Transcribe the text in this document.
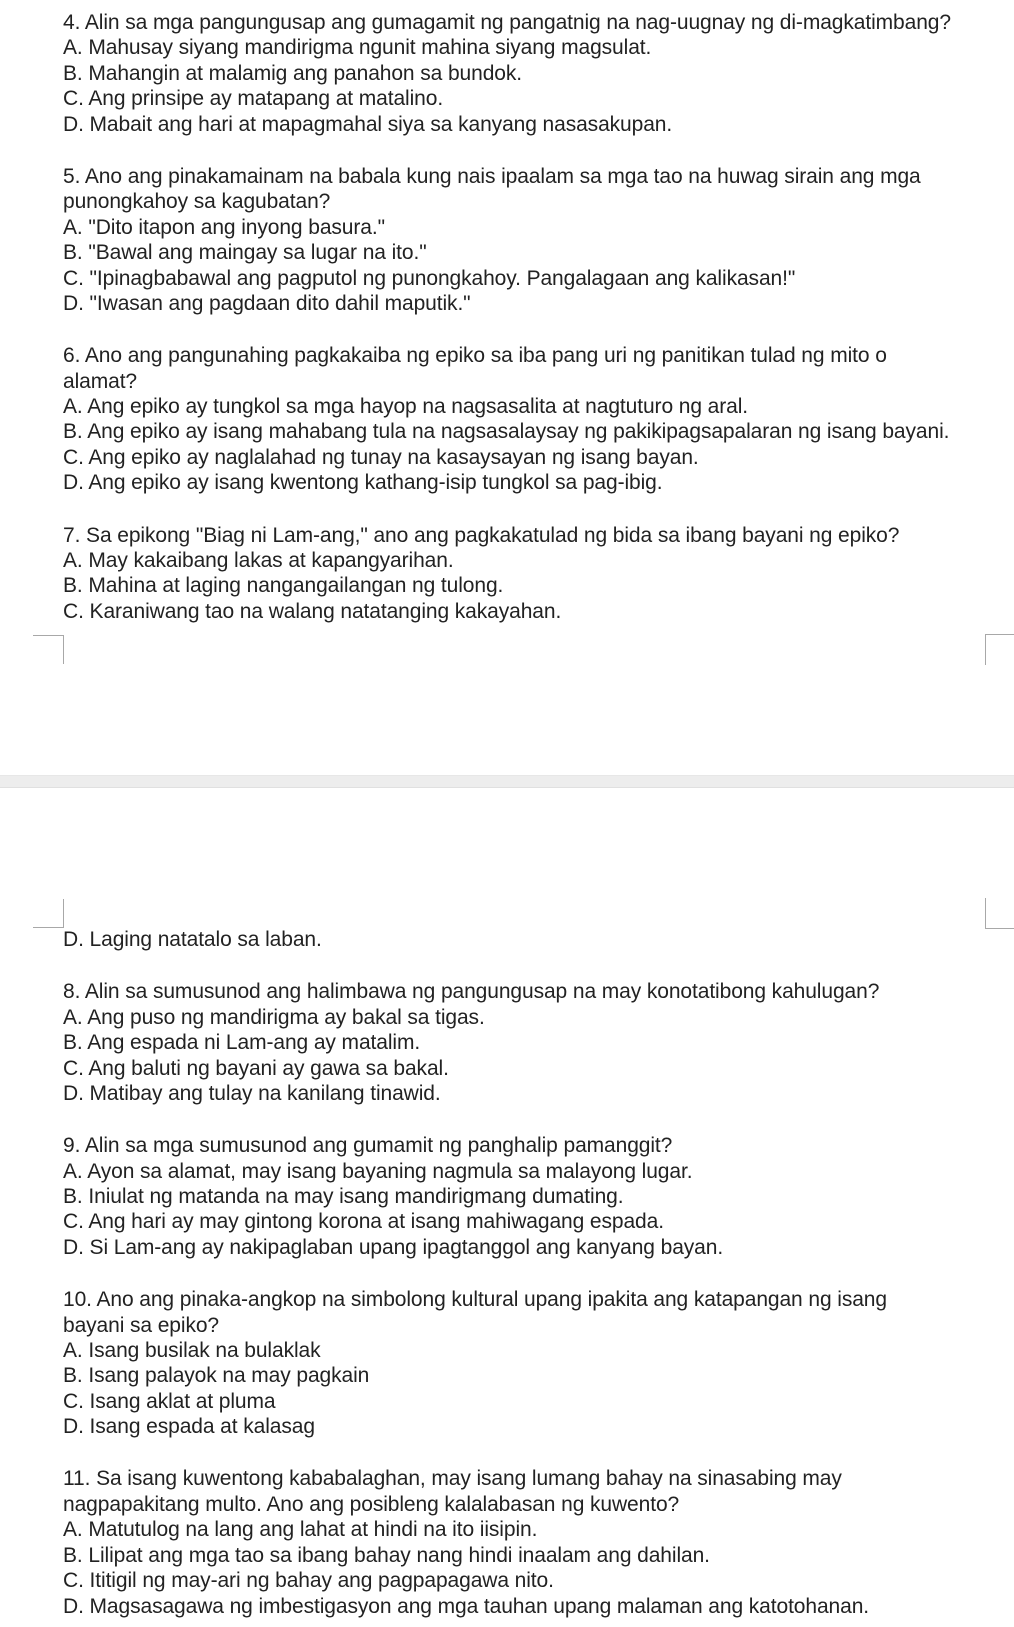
4. Alin sa mga pangungusap ang gumagamit ng pangatnig na nag-uugnay ng di-magkatimbang?
A. Mahusay siyang mandirigma ngunit mahina siyang magsulat.
B. Mahangin at malamig ang panahon sa bundok.
C. Ang prinsipe ay matapang at matalino.
D. Mabait ang hari at mapagmahal siya sa kanyang nasasakupan.
5. Ano ang pinakamainam na babala kung nais ipaalam sa mga tao na huwag sirain ang mga
punongkahoy sa kagubatan?
A. "Dito itapon ang inyong basura."
B. "Bawal ang maingay sa lugar na ito."
C. "Ipinagbabawal ang pagputol ng punongkahoy. Pangalagaan ang kalikasan!"
D. "Iwasan ang pagdaan dito dahil maputik."
6. Ano ang pangunahing pagkakaiba ng epiko sa iba pang uri ng panitikan tulad ng mito o
alamat?
A. Ang epiko ay tungkol sa mga hayop na nagsasalita at nagtuturo ng aral.
B. Ang epiko ay isang mahabang tula na nagsasalaysay ng pakikipagsapalaran ng isang bayani.
C. Ang epiko ay naglalahad ng tunay na kasaysayan ng isang bayan.
D. Ang epiko ay isang kwentong kathang-isip tungkol sa pag-ibig.
7. Sa epikong "Biag ni Lam-ang," ano ang pagkakatulad ng bida sa ibang bayani ng epiko?
A. May kakaibang lakas at kapangyarihan.
B. Mahina at laging nangangailangan ng tulong.
C. Karaniwang tao na walang natatanging kakayahan.
D. Laging natatalo sa laban.
8. Alin sa sumusunod ang halimbawa ng pangungusap na may konotatibong kahulugan?
A. Ang puso ng mandirigma ay bakal sa tigas.
B. Ang espada ni Lam-ang ay matalim.
C. Ang baluti ng bayani ay gawa sa bakal.
D. Matibay ang tulay na kanilang tinawid.
9. Alin sa mga sumusunod ang gumamit ng panghalip pamanggit?
A. Ayon sa alamat, may isang bayaning nagmula sa malayong lugar.
B. Iniulat ng matanda na may isang mandirigmang dumating.
C. Ang hari ay may gintong korona at isang mahiwagang espada.
D. Si Lam-ang ay nakipaglaban upang ipagtanggol ang kanyang bayan.
10. Ano ang pinaka-angkop na simbolong kultural upang ipakita ang katapangan ng isang
bayani sa epiko?
A. Isang busilak na bulaklak
B. Isang palayok na may pagkain
C. Isang aklat at pluma
D. Isang espada at kalasag
11. Sa isang kuwentong kababalaghan, may isang lumang bahay na sinasabing may
nagpapakitang multo. Ano ang posibleng kalalabasan ng kuwento?
A. Matutulog na lang ang lahat at hindi na ito iisipin.
B. Lilipat ang mga tao sa ibang bahay nang hindi inaalam ang dahilan.
C. Ititigil ng may-ari ng bahay ang pagpapagawa nito.
D. Magsasagawa ng imbestigasyon ang mga tauhan upang malaman ang katotohanan.
